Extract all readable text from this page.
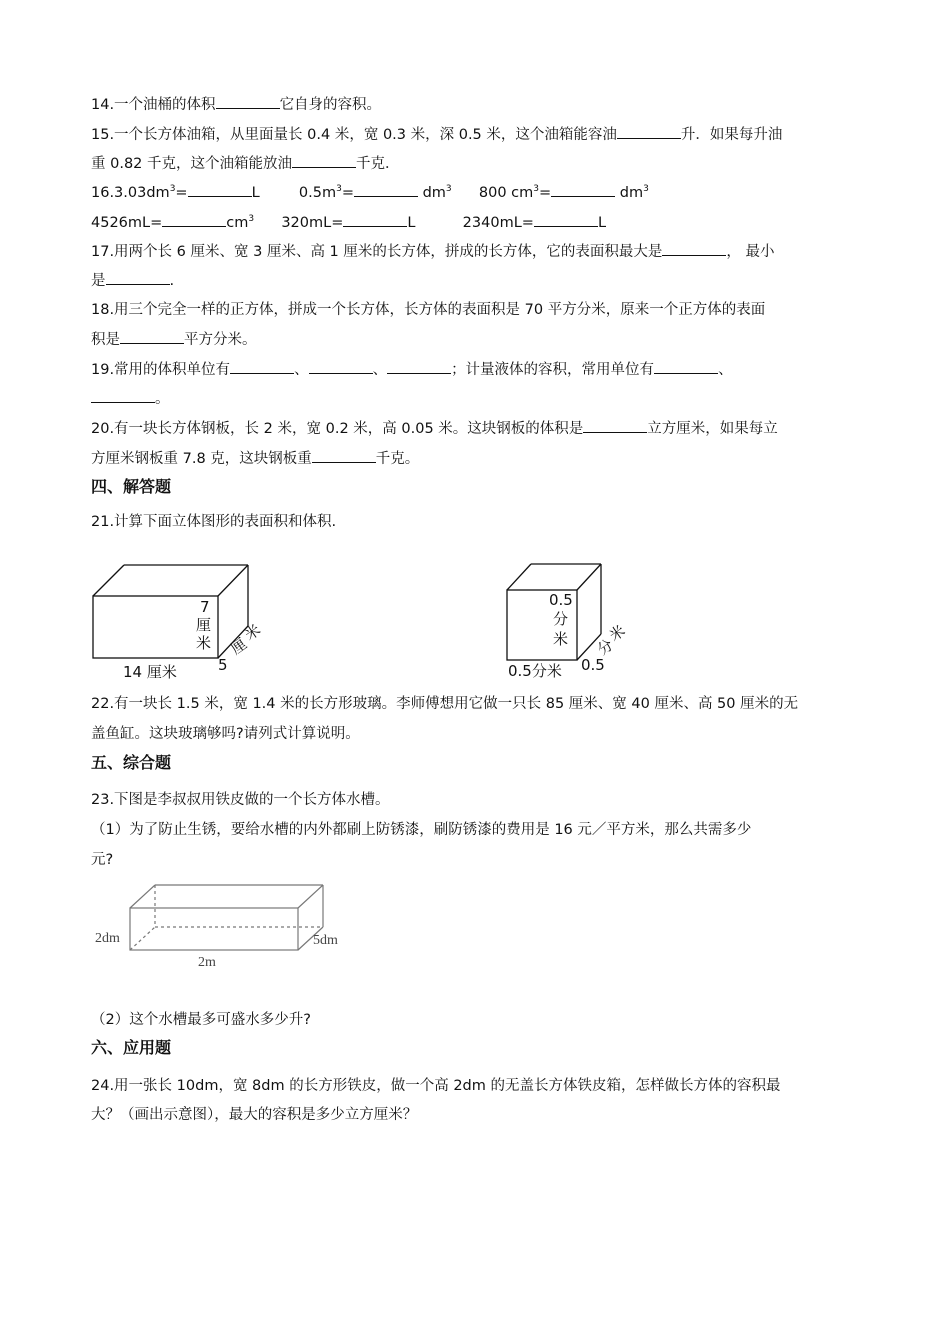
14.一个油桶的体积	它自身的容积。
15.一个长方体油箱，从里面量长 0.4 米，宽 0.3 米，深 0.5 米，这个油箱能容油	升．如果每升油
重 0.82 千克，这个油箱能放油	千克．
$16.3.03dm^3=$	L	$0.5m^3=$	$dm^3$ 800 $cm^3=$	$dm^3$
4526mL=	$cm^3$ 320mL=	L	2340mL=	L
17.用两个长 6 厘米、宽 3 厘米、高 1 厘米的长方体，拼成的长方体，它的表面积最大是	， 最小
是	.
18.用三个完全一样的正方体，拼成一个长方体，长方体的表面积是 70 平方分米，原来一个正方体的表面
积是	平方分米。
19.常用的体积单位有	、	、	；计量液体的容积，常用单位有	、
。
20.有一块长方体钢板，长 2 米，宽 0.2 米，高 0.05 米。这块钢板的体积是	立方厘米，如果每立
方厘米钢板重 7.8 克，这块钢板重	千克。
四、解答题
21.计算下面立体图形的表面积和体积.
7
厘
米
14 厘米	5
厘
米
0.5
分
米
0.5分米 0.5
分
米
22.有一块长 1.5 米，宽 1.4 米的长方形玻璃。李师傅想用它做一只长 85 厘米、宽 40 厘米、高 50 厘米的无
盖鱼缸。这块玻璃够吗?请列式计算说明。
五、综合题
23.下图是李叔叔用铁皮做的一个长方体水槽。
（1）为了防止生锈，要给水槽的内外都刷上防锈漆，刷防锈漆的费用是 16 元／平方米，那么共需多少
元?
2dm
2m
5dm
（2）这个水槽最多可盛水多少升?
六、应用题
24.用一张长 10dm，宽 8dm 的长方形铁皮，做一个高 2dm 的无盖长方体铁皮箱，怎样做长方体的容积最
大？（画出示意图），最大的容积是多少立方厘米？
